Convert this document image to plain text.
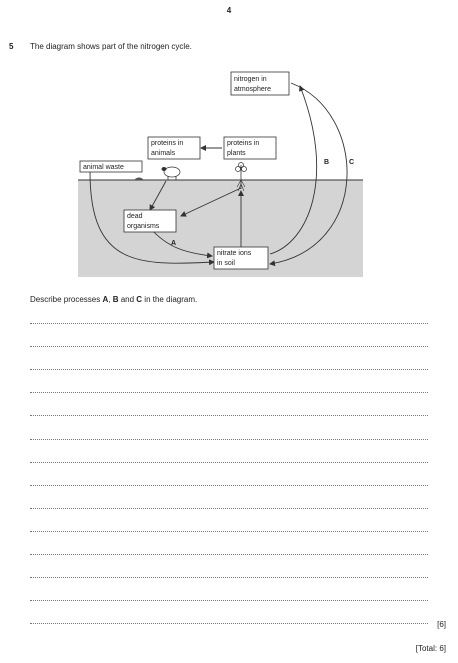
4
5 The diagram shows part of the nitrogen cycle.
nitrogen in
atmosphere
proteins in
animals
proteins in
plants
animal waste
dead
organisms
nitrate ions
in soil
A
B	C
Describe processes A, B and C in the diagram.
[6]
[Total: 6]
